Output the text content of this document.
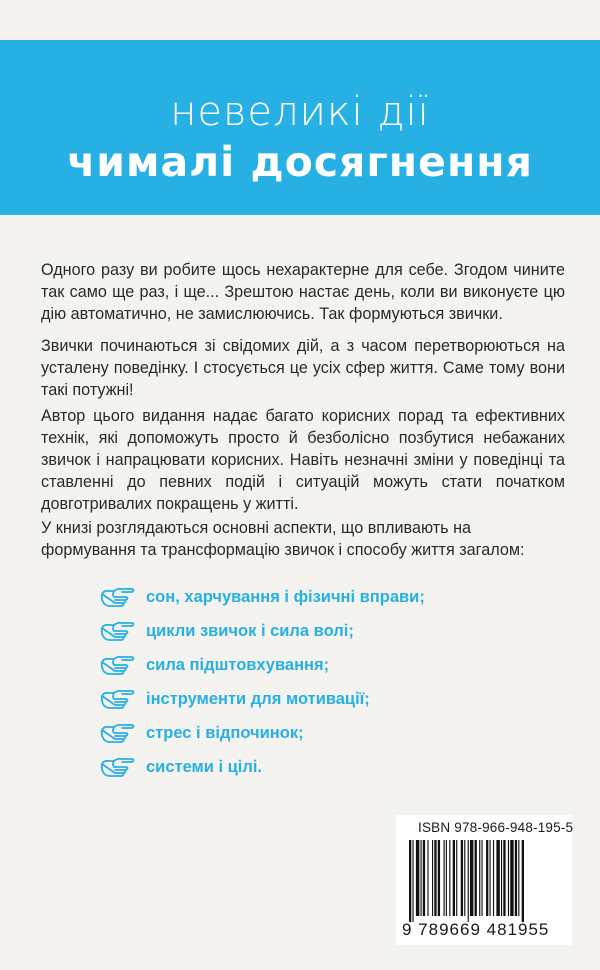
невеликі дії
чималі досягнення
Одного разу ви робите щось нехарактерне для себе. Згодом чините так само ще раз, і ще... Зрештою настає день, коли ви виконуєте цю дію автоматично, не замислюючись. Так формуються звички.
Звички починаються зі свідомих дій, а з часом перетворюються на усталену поведінку. І стосується це усіх сфер життя. Саме тому вони такі потужні!
Автор цього видання надає багато корисних порад та ефективних технік, які допоможуть просто й безболісно позбутися небажаних звичок і напрацювати корисних. Навіть незначні зміни у поведінці та ставленні до певних подій і ситуацій можуть стати початком довготривалих покращень у житті.
У книзі розглядаються основні аспекти, що впливають на формування та трансформацію звичок і способу життя загалом:
сон, харчування і фізичні вправи;
цикли звичок і сила волі;
сила підштовхування;
інструменти для мотивації;
стрес і відпочинок;
системи і цілі.
ISBN 978-966-948-195-5
9 789669 481955
